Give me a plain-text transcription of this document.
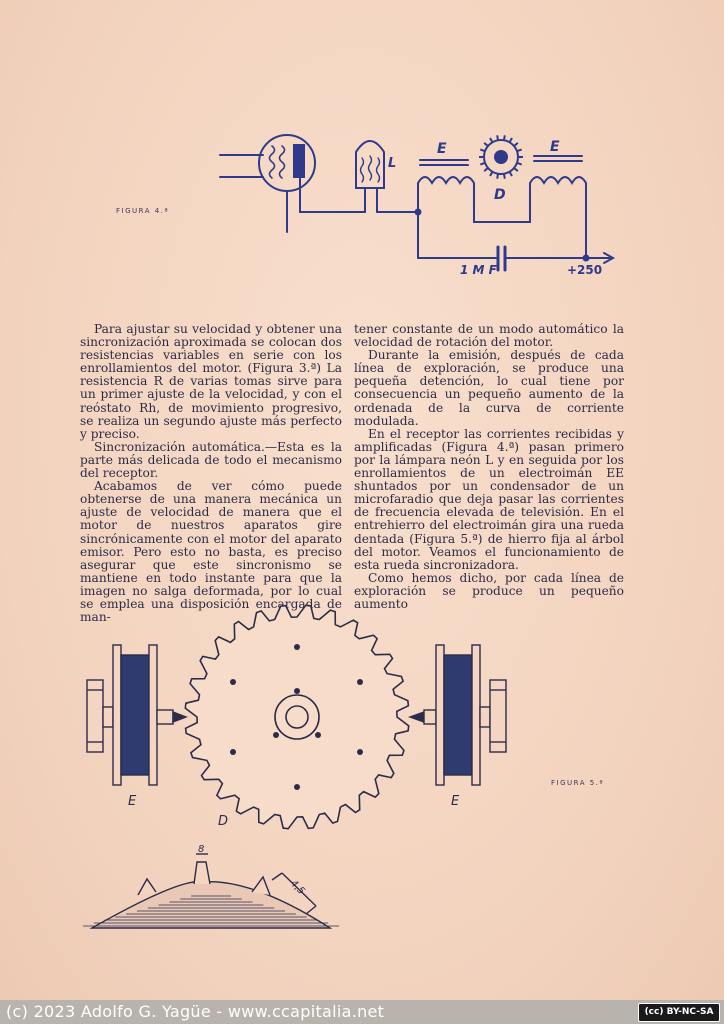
L
E	E
D
1 M F	+250
FIGURA 4.ª

Para ajustar su velocidad y obtener una sincronización aproximada se colocan dos resistencias variables en serie con los enrollamientos del motor. (Figura 3.ª) La resistencia R de varias tomas sirve para un primer ajuste de la velocidad, y con el reóstato Rh, de movimiento progresivo, se realiza un segundo ajuste más perfecto y preciso.

Sincronización automática.—Esta es la parte más delicada de todo el mecanismo del receptor.

Acabamos de ver cómo puede obtenerse de una manera mecánica un ajuste de velocidad de manera que el motor de nuestros aparatos gire sincrónicamente con el motor del aparato emisor. Pero esto no basta, es preciso asegurar que este sincronismo se mantiene en todo instante para que la imagen no salga deformada, por lo cual se emplea una disposición encargada de man-

tener constante de un modo automático la velocidad de rotación del motor.

Durante la emisión, después de cada línea de exploración, se produce una pequeña detención, lo cual tiene por consecuencia un pequeño aumento de la ordenada de la curva de corriente modulada.

En el receptor las corrientes recibidas y amplificadas (Figura 4.ª) pasan primero por la lámpara neón L y en seguida por los enrollamientos de un electroimán EE shuntados por un condensador de un microfaradio que deja pasar las corrientes de frecuencia elevada de televisión. En el entrehierro del electroimán gira una rueda dentada (Figura 5.ª) de hierro fija al árbol del motor. Veamos el funcionamiento de esta rueda sincronizadora.

Como hemos dicho, por cada línea de exploración se produce un pequeño aumento

8
4,5
E
D
E
FIGURA 5.ª
(c) 2023 Adolfo G. Yagüe - www.ccapitalia.net	(cc) BY-NC-SA
